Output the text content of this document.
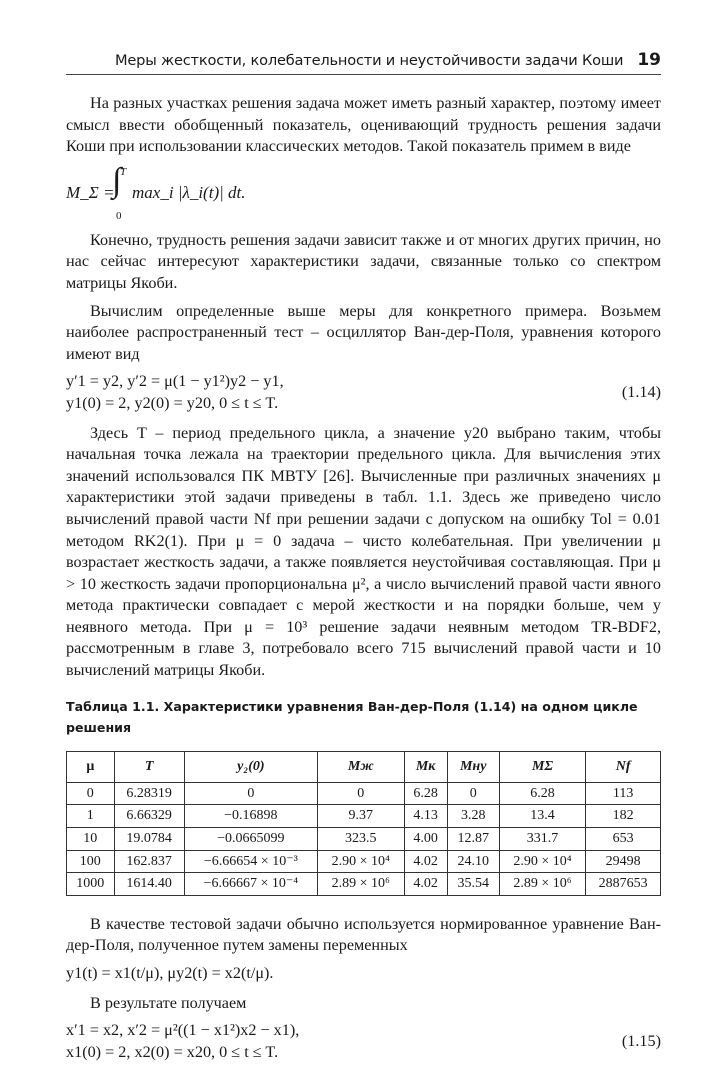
Меры жесткости, колебательности и неустойчивости задачи Коши 19

На разных участках решения задача может иметь разный характер, поэтому имеет смысл ввести обобщенный показатель, оценивающий трудность решения задачи Коши при использовании классических методов. Такой показатель примем в виде

M_Σ =
T
∫
0
max_i |λ_i(t)| dt.

Конечно, трудность решения задачи зависит также и от многих других причин, но нас сейчас интересуют характеристики задачи, связанные только со спектром матрицы Якоби.

Вычислим определенные выше меры для конкретного примера. Возьмем наиболее распространенный тест – осциллятор Ван-дер-Поля, уравнения которого имеют вид

y′1 = y2, y′2 = μ(1 − y1²)y2 − y1,
y1(0) = 2, y2(0) = y20, 0 ≤ t ≤ T.
(1.14)

Здесь T – период предельного цикла, а значение y20 выбрано таким, чтобы начальная точка лежала на траектории предельного цикла. Для вычисления этих значений использовался ПК МВТУ [26]. Вычисленные при различных значениях μ характеристики этой задачи приведены в табл. 1.1. Здесь же приведено число вычислений правой части Nf при решении задачи с допуском на ошибку Tol = 0.01 методом RK2(1). При μ = 0 задача – чисто колебательная. При увеличении μ возрастает жесткость задачи, а также появляется неустойчивая составляющая. При μ > 10 жесткость задачи пропорциональна μ², а число вычислений правой части явного метода практически совпадает с мерой жесткости и на порядки больше, чем у неявного метода. При μ = 10³ решение задачи неявным методом TR-BDF2, рассмотренным в главе 3, потребовало всего 715 вычислений правой части и 10 вычислений матрицы Якоби.

Таблица 1.1. Характеристики уравнения Ван-дер-Поля (1.14) на одном цикле решения
μ	T	y₂(0)	Mж	Mк	Mну	MΣ	Nf
0	6.28319	0	0	6.28	0	6.28	113
1	6.66329	−0.16898	9.37	4.13	3.28	13.4	182
10	19.0784	−0.0665099	323.5	4.00	12.87	331.7	653
100	162.837	−6.66654 × 10⁻³	2.90 × 10⁴	4.02	24.10	2.90 × 10⁴	29498
1000	1614.40	−6.66667 × 10⁻⁴	2.89 × 10⁶	4.02	35.54	2.89 × 10⁶	2887653

В качестве тестовой задачи обычно используется нормированное уравнение Ван-дер-Поля, полученное путем замены переменных

y1(t) = x1(t/μ), μy2(t) = x2(t/μ).

В результате получаем

x′1 = x2, x′2 = μ²((1 − x1²)x2 − x1),
x1(0) = 2, x2(0) = x20, 0 ≤ t ≤ T.
(1.15)
